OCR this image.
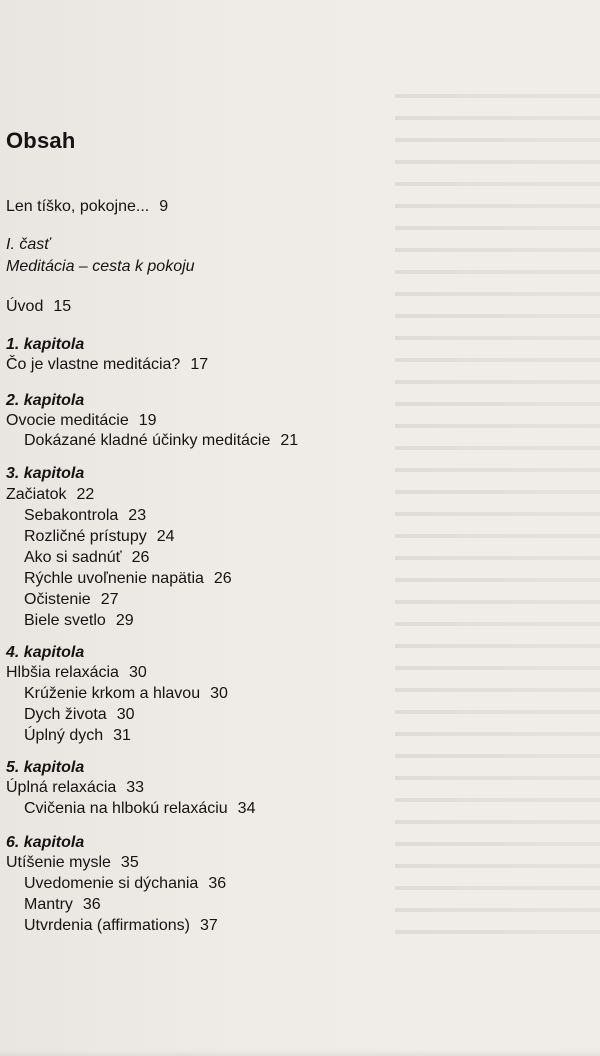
Obsah
Len tíško, pokojne... 9
I. časť
Meditácia – cesta k pokoju
Úvod 15
1. kapitola
Čo je vlastne meditácia? 17
2. kapitola
Ovocie meditácie 19
Dokázané kladné účinky meditácie 21
3. kapitola
Začiatok 22
Sebakontrola 23
Rozličné prístupy 24
Ako si sadnúť 26
Rýchle uvoľnenie napätia 26
Očistenie 27
Biele svetlo 29
4. kapitola
Hlbšia relaxácia 30
Krúženie krkom a hlavou 30
Dych života 30
Úplný dych 31
5. kapitola
Úplná relaxácia 33
Cvičenia na hlbokú relaxáciu 34
6. kapitola
Utíšenie mysle 35
Uvedomenie si dýchania 36
Mantry 36
Utvrdenia (affirmations) 37
